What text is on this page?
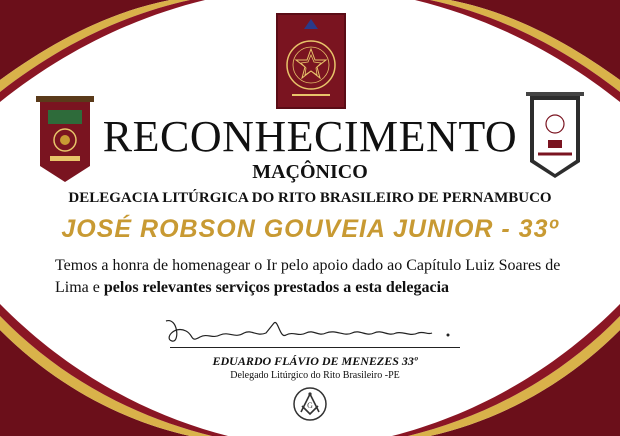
RECONHECIMENTO
MAÇÔNICO
DELEGACIA LITÚRGICA DO RITO BRASILEIRO DE PERNAMBUCO
JOSÉ ROBSON GOUVEIA JUNIOR - 33º
Temos a honra de homenagear o Ir pelo apoio dado ao Capítulo Luiz Soares de Lima e pelos relevantes serviços prestados a esta delegacia
EDUARDO FLÁVIO DE MENEZES 33º
Delegado Litúrgico do Rito Brasileiro -PE
G
